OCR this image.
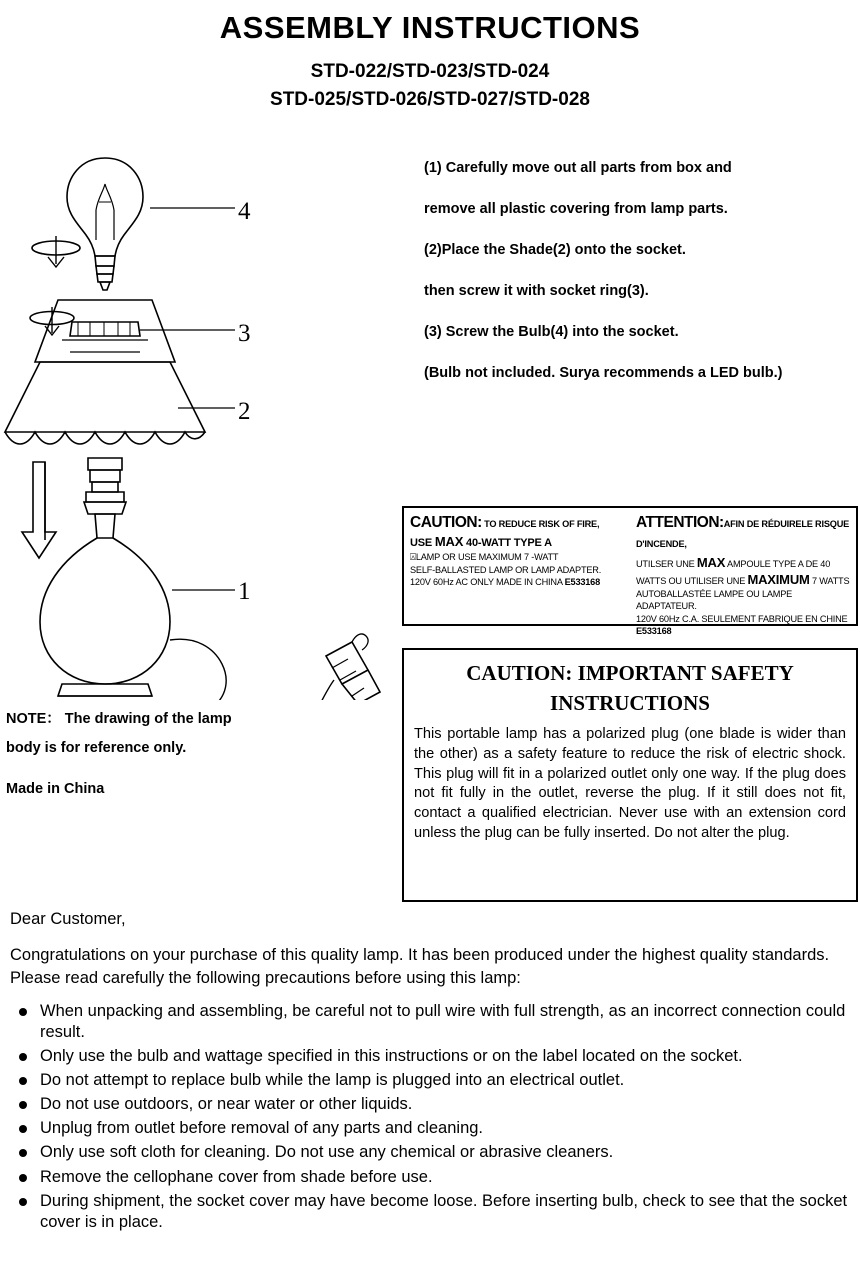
ASSEMBLY INSTRUCTIONS
STD-022/STD-023/STD-024
STD-025/STD-026/STD-027/STD-028
4
3
2
1
NOTE： The drawing of the lamp
body is for reference only.
Made in China

(1) Carefully move out all parts from box and

remove all plastic covering from lamp parts.

(2)Place the Shade(2) onto the socket.

then screw it with socket ring(3).

(3) Screw the Bulb(4) into the socket.

(Bulb not included. Surya recommends a LED bulb.)

CAUTION: TO REDUCE RISK OF FIRE,
USE MAX 40-WATT TYPE A
⍓LAMP OR USE MAXIMUM 7 -WATT
SELF-BALLASTED LAMP OR LAMP ADAPTER.
120V 60Hz AC ONLY MADE IN CHINA E533168
ATTENTION:AFIN DE RÉDUIRELE RISQUE D'INCENDE,
UTILSER UNE MAX AMPOULE TYPE A DE 40
WATTS OU UTILISER UNE MAXIMUM 7 WATTS
AUTOBALLASTÉE LAMPE OU LAMPE ADAPTATEUR.
120V 60Hz C.A. SEULEMENT FABRIQUE EN CHINE E533168
CAUTION: IMPORTANT SAFETY
INSTRUCTIONS

This portable lamp has a polarized plug (one blade is wider than the other) as a safety feature to reduce the risk of electric shock. This plug will fit in a polarized outlet only one way. If the plug does not fit fully in the outlet, reverse the plug. If it still does not fit, contact a qualified electrician. Never use with an extension cord unless the plug can be fully inserted. Do not alter the plug.

Dear Customer,

Congratulations on your purchase of this quality lamp. It has been produced under the highest quality standards. Please read carefully the following precautions before using this lamp:

When unpacking and assembling, be careful not to pull wire with full strength, as an incorrect connection could result.
Only use the bulb and wattage specified in this instructions or on the label located on the socket.
Do not attempt to replace bulb while the lamp is plugged into an electrical outlet.
Do not use outdoors, or near water or other liquids.
Unplug from outlet before removal of any parts and cleaning.
Only use soft cloth for cleaning. Do not use any chemical or abrasive cleaners.
Remove the cellophane cover from shade before use.
During shipment, the socket cover may have become loose. Before inserting bulb, check to see that the socket cover is in place.
